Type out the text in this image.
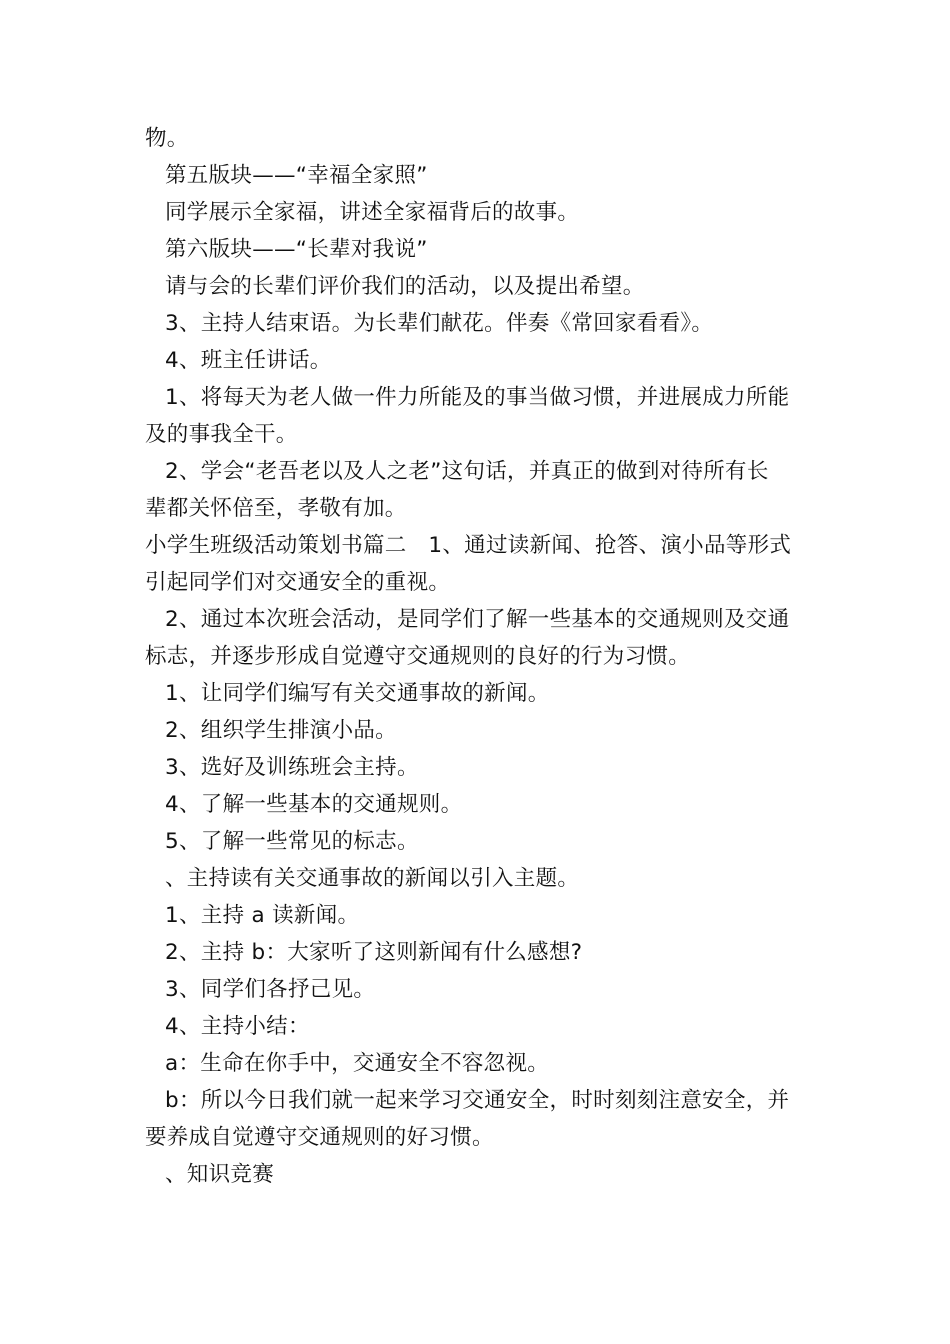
物。
第五版块——“幸福全家照”
同学展示全家福，讲述全家福背后的故事。
第六版块——“长辈对我说”
请与会的长辈们评价我们的活动，以及提出希望。
3、主持人结束语。为长辈们献花。伴奏《常回家看看》。
4、班主任讲话。
1、将每天为老人做一件力所能及的事当做习惯，并进展成力所能
及的事我全干。
2、学会“老吾老以及人之老”这句话，并真正的做到对待所有长
辈都关怀倍至，孝敬有加。
小学生班级活动策划书篇二　1、通过读新闻、抢答、演小品等形式
引起同学们对交通安全的重视。
2、通过本次班会活动，是同学们了解一些基本的交通规则及交通
标志，并逐步形成自觉遵守交通规则的良好的行为习惯。
1、让同学们编写有关交通事故的新闻。
2、组织学生排演小品。
3、选好及训练班会主持。
4、了解一些基本的交通规则。
5、了解一些常见的标志。
、主持读有关交通事故的新闻以引入主题。
1、主持 a 读新闻。
2、主持 b：大家听了这则新闻有什么感想?
3、同学们各抒己见。
4、主持小结：
a：生命在你手中，交通安全不容忽视。
b：所以今日我们就一起来学习交通安全，时时刻刻注意安全，并
要养成自觉遵守交通规则的好习惯。
、知识竞赛
